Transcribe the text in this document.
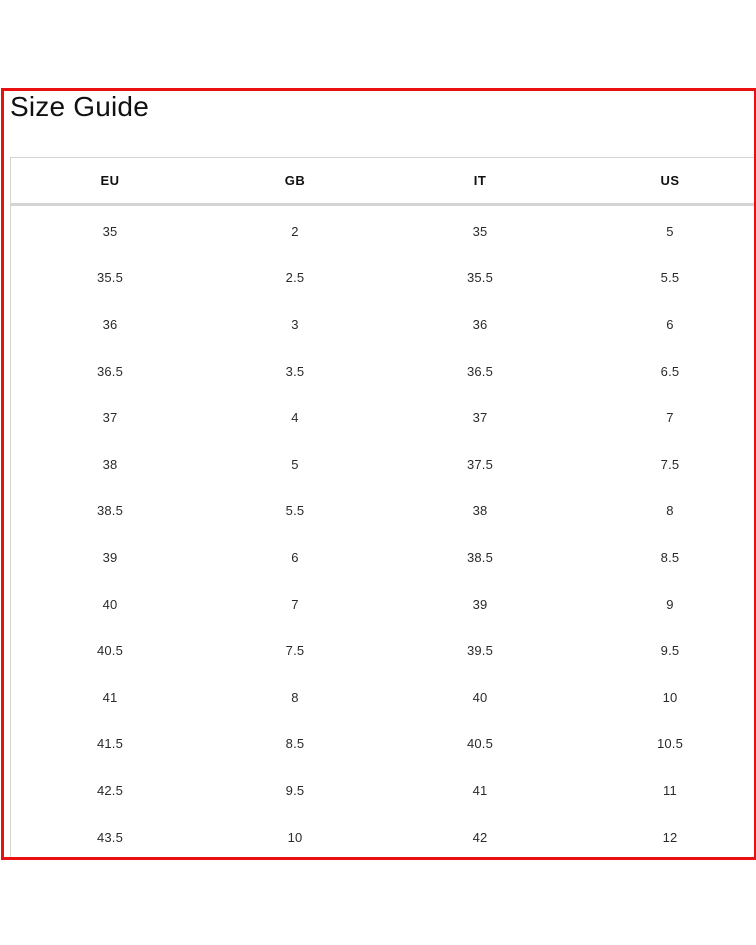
Size Guide
EU	GB	IT	US
35	2	35	5
35.5	2.5	35.5	5.5
36	3	36	6
36.5	3.5	36.5	6.5
37	4	37	7
38	5	37.5	7.5
38.5	5.5	38	8
39	6	38.5	8.5
40	7	39	9
40.5	7.5	39.5	9.5
41	8	40	10
41.5	8.5	40.5	10.5
42.5	9.5	41	11
43.5	10	42	12
